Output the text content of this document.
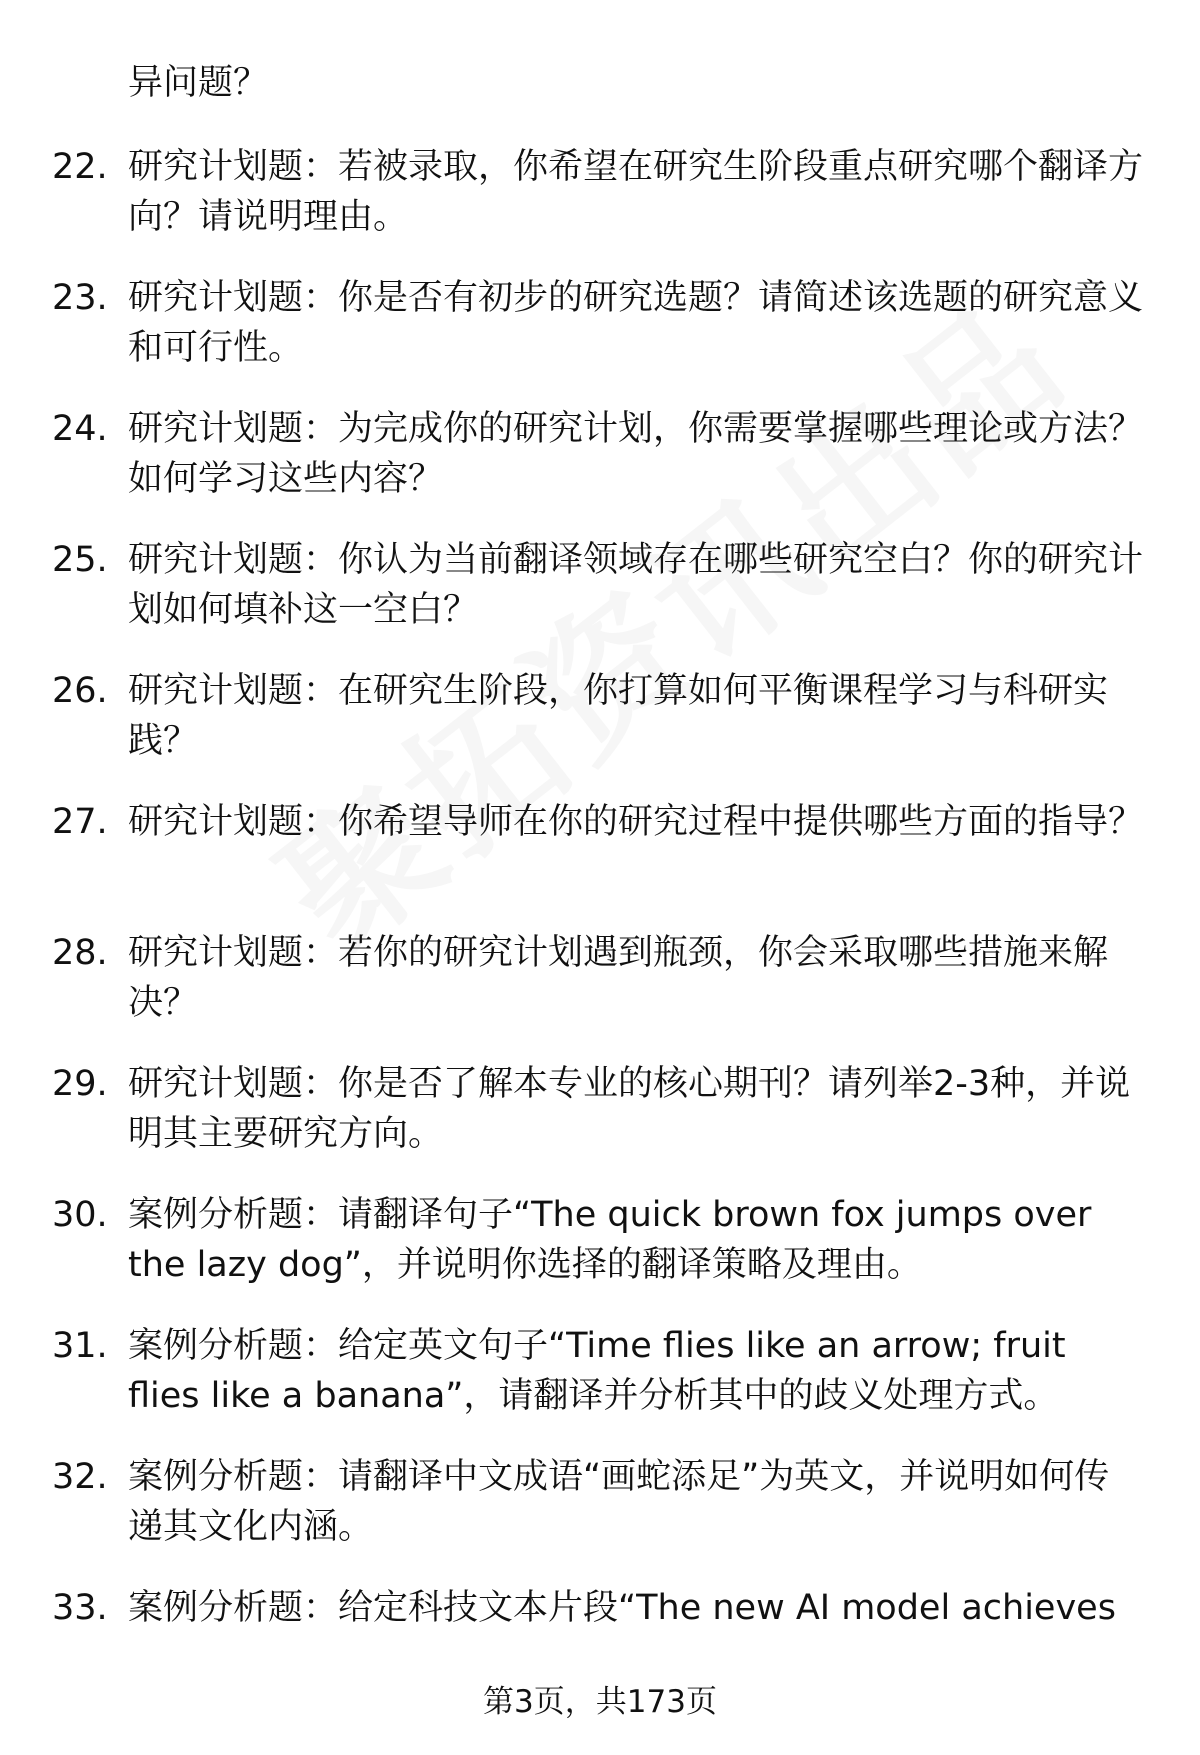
异问题？
22. 研究计划题：若被录取，你希望在研究生阶段重点研究哪个翻译方向？请说明理由。
23. 研究计划题：你是否有初步的研究选题？请简述该选题的研究意义和可行性。
24. 研究计划题：为完成你的研究计划，你需要掌握哪些理论或方法？如何学习这些内容？
25. 研究计划题：你认为当前翻译领域存在哪些研究空白？你的研究计划如何填补这一空白？
26. 研究计划题：在研究生阶段，你打算如何平衡课程学习与科研实践？
27. 研究计划题：你希望导师在你的研究过程中提供哪些方面的指导？
28. 研究计划题：若你的研究计划遇到瓶颈，你会采取哪些措施来解决？
29. 研究计划题：你是否了解本专业的核心期刊？请列举2-3种，并说明其主要研究方向。
30. 案例分析题：请翻译句子“The quick brown fox jumps over the lazy dog”，并说明你选择的翻译策略及理由。
31. 案例分析题：给定英文句子“Time flies like an arrow; fruit flies like a banana”，请翻译并分析其中的歧义处理方式。
32. 案例分析题：请翻译中文成语“画蛇添足”为英文，并说明如何传递其文化内涵。
33. 案例分析题：给定科技文本片段“The new AI model achieves
第3页，共173页
